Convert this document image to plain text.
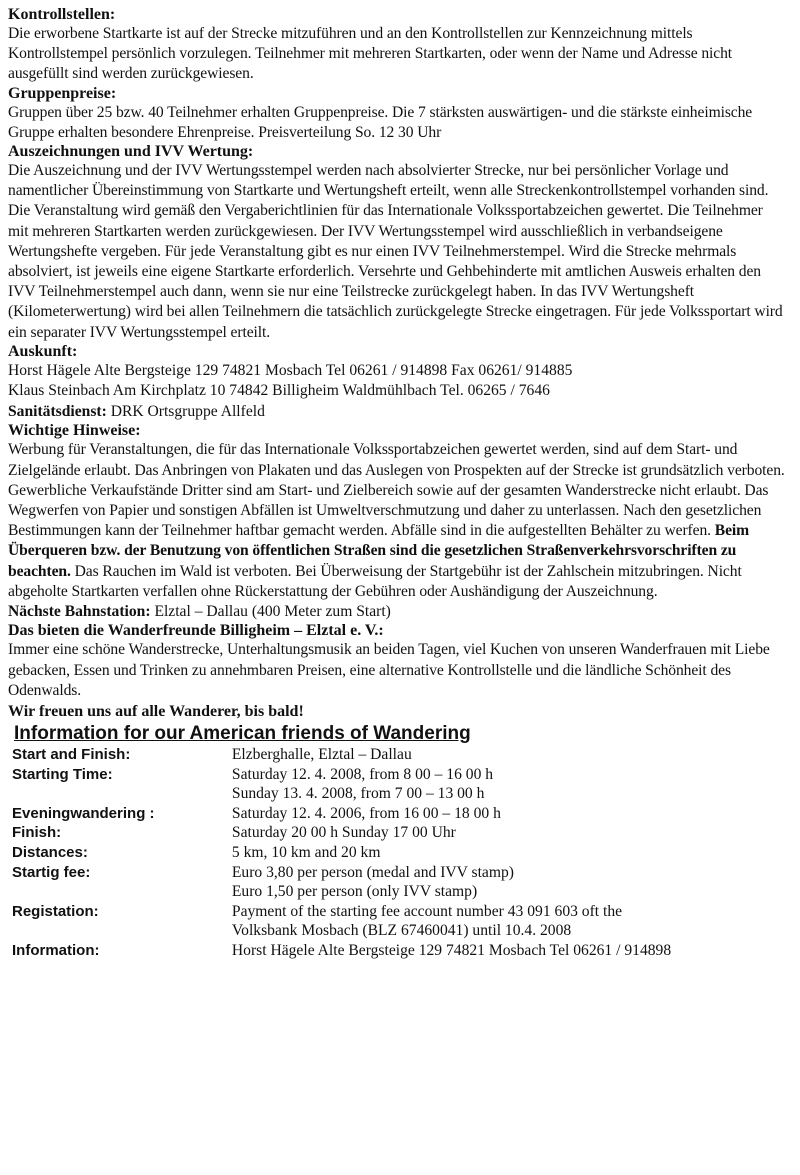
Kontrollstellen:

Die erworbene Startkarte ist auf der Strecke mitzuführen und an den Kontrollstellen zur Kennzeichnung mittels Kontrollstempel persönlich vorzulegen. Teilnehmer mit mehreren Startkarten, oder wenn der Name und Adresse nicht ausgefüllt sind werden zurückgewiesen.

Gruppenpreise:

Gruppen über 25 bzw. 40 Teilnehmer erhalten Gruppenpreise. Die 7 stärksten auswärtigen- und die stärkste einheimische Gruppe erhalten besondere Ehrenpreise. Preisverteilung So. 12 30 Uhr

Auszeichnungen und IVV Wertung:

Die Auszeichnung und der IVV Wertungsstempel werden nach absolvierter Strecke, nur bei persönlicher Vorlage und namentlicher Übereinstimmung von Startkarte und Wertungsheft erteilt, wenn alle Streckenkontrollstempel vorhanden sind. Die Veranstaltung wird gemäß den Vergaberichtlinien für das Internationale Volkssportabzeichen gewertet. Die Teilnehmer mit mehreren Startkarten werden zurückgewiesen. Der IVV Wertungsstempel wird ausschließlich in verbandseigene Wertungshefte vergeben. Für jede Veranstaltung gibt es nur einen IVV Teilnehmerstempel. Wird die Strecke mehrmals absolviert, ist jeweils eine eigene Startkarte erforderlich. Versehrte und Gehbehinderte mit amtlichen Ausweis erhalten den IVV Teilnehmerstempel auch dann, wenn sie nur eine Teilstrecke zurückgelegt haben. In das IVV Wertungsheft (Kilometerwertung) wird bei allen Teilnehmern die tatsächlich zurückgelegte Strecke eingetragen. Für jede Volkssportart wird ein separater IVV Wertungsstempel erteilt.

Auskunft:

Horst Hägele Alte Bergsteige 129 74821 Mosbach Tel 06261 / 914898 Fax 06261/ 914885

Klaus Steinbach Am Kirchplatz 10 74842 Billigheim Waldmühlbach Tel. 06265 / 7646

Sanitätsdienst: DRK Ortsgruppe Allfeld

Wichtige Hinweise:

Werbung für Veranstaltungen, die für das Internationale Volkssportabzeichen gewertet werden, sind auf dem Start- und Zielgelände erlaubt. Das Anbringen von Plakaten und das Auslegen von Prospekten auf der Strecke ist grundsätzlich verboten. Gewerbliche Verkaufstände Dritter sind am Start- und Zielbereich sowie auf der gesamten Wanderstrecke nicht erlaubt. Das Wegwerfen von Papier und sonstigen Abfällen ist Umweltverschmutzung und daher zu unterlassen. Nach den gesetzlichen Bestimmungen kann der Teilnehmer haftbar gemacht werden. Abfälle sind in die aufgestellten Behälter zu werfen. Beim Überqueren bzw. der Benutzung von öffentlichen Straßen sind die gesetzlichen Straßenverkehrsvorschriften zu beachten. Das Rauchen im Wald ist verboten. Bei Überweisung der Startgebühr ist der Zahlschein mitzubringen. Nicht abgeholte Startkarten verfallen ohne Rückerstattung der Gebühren oder Aushändigung der Auszeichnung.

Nächste Bahnstation: Elztal – Dallau (400 Meter zum Start)

Das bieten die Wanderfreunde Billigheim – Elztal e. V.:

Immer eine schöne Wanderstrecke, Unterhaltungsmusik an beiden Tagen, viel Kuchen von unseren Wanderfrauen mit Liebe gebacken, Essen und Trinken zu annehmbaren Preisen, eine alternative Kontrollstelle und die ländliche Schönheit des Odenwalds.

Wir freuen uns auf alle Wanderer, bis bald!

Information for our American friends of Wandering

Start and Finish:	Elzberghalle, Elztal – Dallau

Starting Time:	Saturday 12. 4. 2008, from 8 00 – 16 00 h
Sunday 13. 4. 2008, from 7 00 – 13 00 h

Eveningwandering :	Saturday 12. 4. 2006, from 16 00 – 18 00 h

Finish:	Saturday 20 00 h Sunday 17 00 Uhr

Distances:	5 km, 10 km and 20 km

Startig fee:	Euro 3,80 per person (medal and IVV stamp)
Euro 1,50 per person (only IVV stamp)

Registation:	Payment of the starting fee account number 43 091 603 oft the
Volksbank Mosbach (BLZ 67460041) until 10.4. 2008

Information:	Horst Hägele Alte Bergsteige 129 74821 Mosbach Tel 06261 / 914898
